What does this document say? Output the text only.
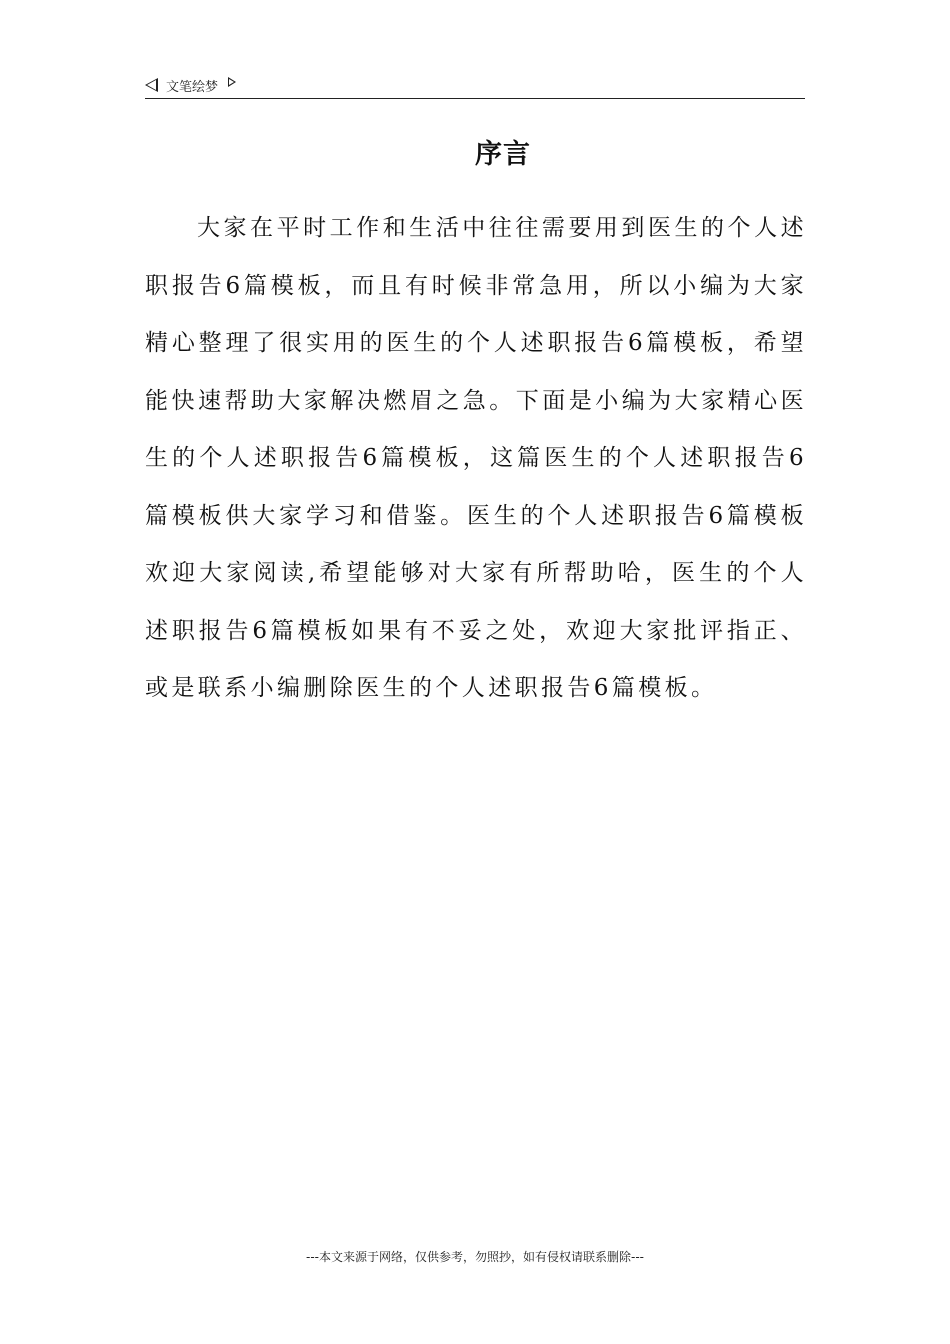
文笔绘梦
序言

大家在平时工作和生活中往往需要用到医生的个人述职报告6篇模板，而且有时候非常急用，所以小编为大家精心整理了很实用的医生的个人述职报告6篇模板，希望能快速帮助大家解决燃眉之急。下面是小编为大家精心医生的个人述职报告6篇模板，这篇医生的个人述职报告6篇模板供大家学习和借鉴。医生的个人述职报告6篇模板欢迎大家阅读,希望能够对大家有所帮助哈，医生的个人述职报告6篇模板如果有不妥之处，欢迎大家批评指正、或是联系小编删除医生的个人述职报告6篇模板。

---本文来源于网络，仅供参考，勿照抄，如有侵权请联系删除---
